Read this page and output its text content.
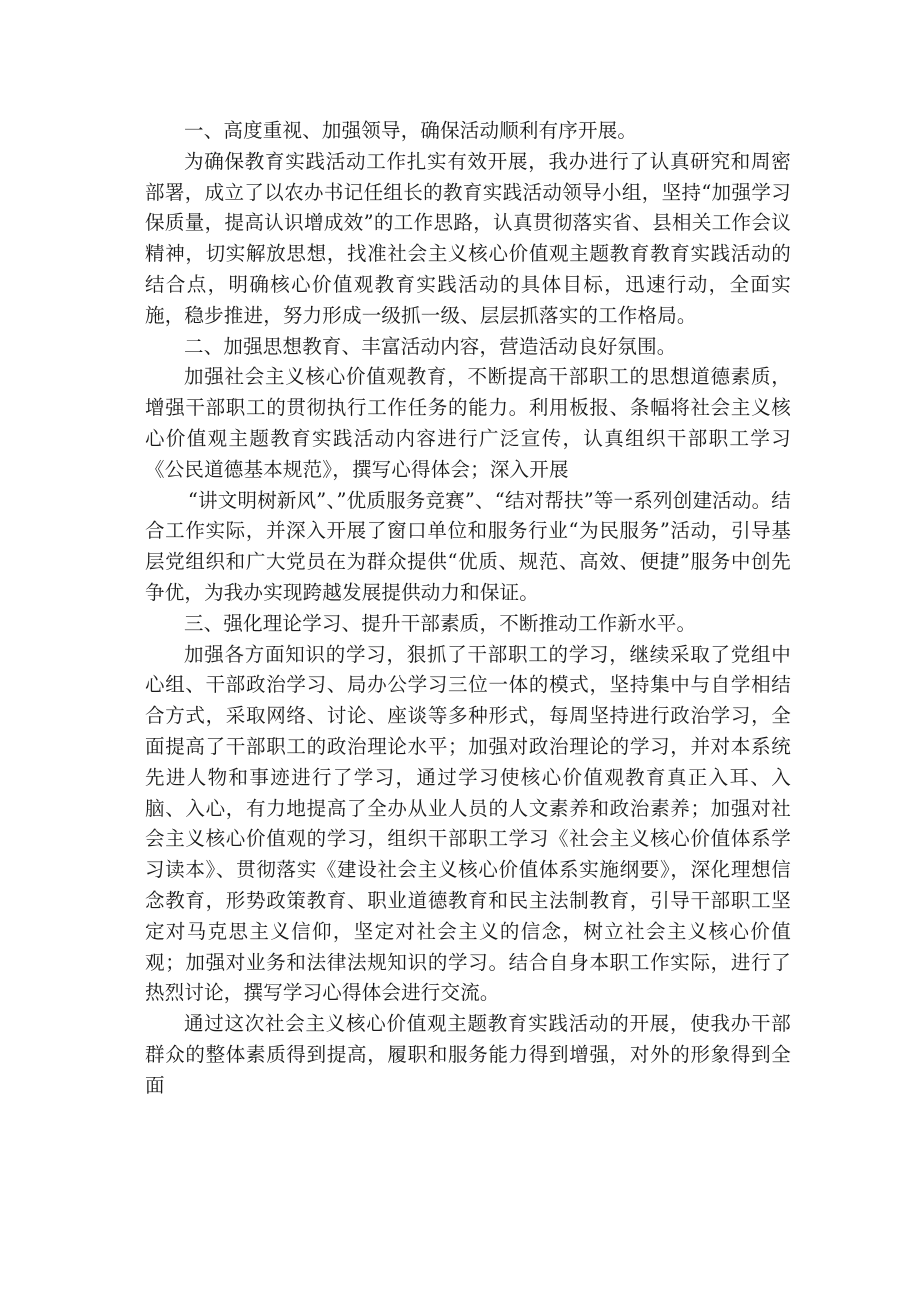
一、高度重视、加强领导，确保活动顺利有序开展。

为确保教育实践活动工作扎实有效开展，我办进行了认真研究和周密部署，成立了以农办书记任组长的教育实践活动领导小组，坚持“加强学习保质量，提高认识增成效”的工作思路，认真贯彻落实省、县相关工作会议精神，切实解放思想，找准社会主义核心价值观主题教育教育实践活动的结合点，明确核心价值观教育实践活动的具体目标，迅速行动，全面实施，稳步推进，努力形成一级抓一级、层层抓落实的工作格局。

二、加强思想教育、丰富活动内容，营造活动良好氛围。

加强社会主义核心价值观教育，不断提高干部职工的思想道德素质，增强干部职工的贯彻执行工作任务的能力。利用板报、条幅将社会主义核心价值观主题教育实践活动内容进行广泛宣传，认真组织干部职工学习《公民道德基本规范》，撰写心得体会；深入开展

“讲文明树新风”、”优质服务竞赛”、“结对帮扶”等一系列创建活动。结合工作实际，并深入开展了窗口单位和服务行业“为民服务”活动，引导基层党组织和广大党员在为群众提供“优质、规范、高效、便捷”服务中创先争优，为我办实现跨越发展提供动力和保证。

三、强化理论学习、提升干部素质，不断推动工作新水平。

加强各方面知识的学习，狠抓了干部职工的学习，继续采取了党组中心组、干部政治学习、局办公学习三位一体的模式，坚持集中与自学相结合方式，采取网络、讨论、座谈等多种形式，每周坚持进行政治学习，全面提高了干部职工的政治理论水平；加强对政治理论的学习，并对本系统先进人物和事迹进行了学习，通过学习使核心价值观教育真正入耳、入脑、入心，有力地提高了全办从业人员的人文素养和政治素养；加强对社会主义核心价值观的学习，组织干部职工学习《社会主义核心价值体系学习读本》、贯彻落实《建设社会主义核心价值体系实施纲要》，深化理想信念教育，形势政策教育、职业道德教育和民主法制教育，引导干部职工坚定对马克思主义信仰，坚定对社会主义的信念，树立社会主义核心价值观；加强对业务和法律法规知识的学习。结合自身本职工作实际，进行了热烈讨论，撰写学习心得体会进行交流。

通过这次社会主义核心价值观主题教育实践活动的开展，使我办干部群众的整体素质得到提高，履职和服务能力得到增强，对外的形象得到全面
